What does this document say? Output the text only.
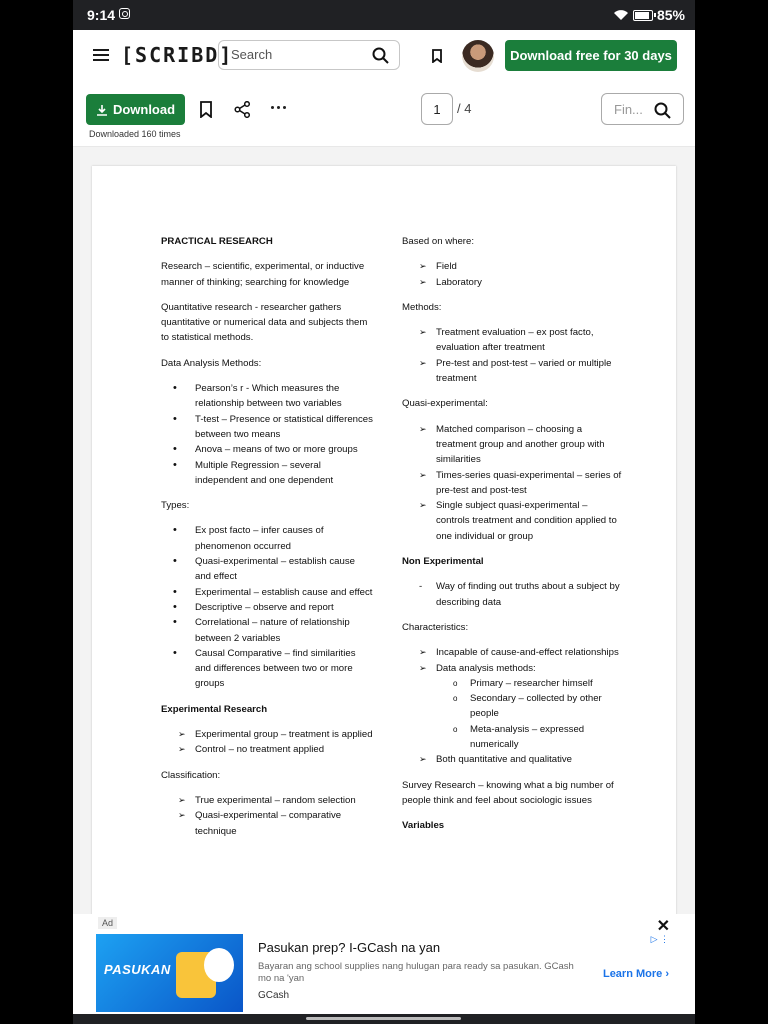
9:14	85%
[SCRIBD]
Search	Download free for 30 days
Download
Downloaded 160 times
1	/ 4	Fin...

PRACTICAL RESEARCH

Research – scientific, experimental, or inductive manner of thinking; searching for knowledge

Quantitative research - researcher gathers quantitative or numerical data and subjects them to statistical methods.

Data Analysis Methods:

• Pearson’s r - Which measures the relationship between two variables
• T-test – Presence or statistical differences between two means
• Anova – means of two or more groups
• Multiple Regression – several independent and one dependent

Types:

• Ex post facto – infer causes of phenomenon occurred
• Quasi-experimental – establish cause and effect
• Experimental – establish cause and effect
• Descriptive – observe and report
• Correlational – nature of relationship between 2 variables
• Causal Comparative – find similarities and differences between two or more groups

Experimental Research

➢ Experimental group – treatment is applied
➢ Control – no treatment applied

Classification:

➢ True experimental – random selection
➢ Quasi-experimental – comparative technique

Based on where:

➢ Field
➢ Laboratory

Methods:

➢ Treatment evaluation – ex post facto, evaluation after treatment
➢ Pre-test and post-test – varied or multiple treatment

Quasi-experimental:

➢ Matched comparison – choosing a treatment group and another group with similarities
➢ Times-series quasi-experimental – series of pre-test and post-test
➢ Single subject quasi-experimental – controls treatment and condition applied to one individual or group

Non Experimental

- Way of finding out truths about a subject by describing data

Characteristics:

➢ Incapable of cause-and-effect relationships
➢ Data analysis methods:
o Primary – researcher himself
o Secondary – collected by other people
o Meta-analysis – expressed numerically
➢ Both quantitative and qualitative

Survey Research – knowing what a big number of people think and feel about sociologic issues

Variables

Ad	✕
PASUKAN
▷ ⋮
Pasukan prep? I-GCash na yan
Bayaran ang school supplies nang hulugan para ready sa pasukan. GCash mo na 'yan
GCash
Learn More ›
